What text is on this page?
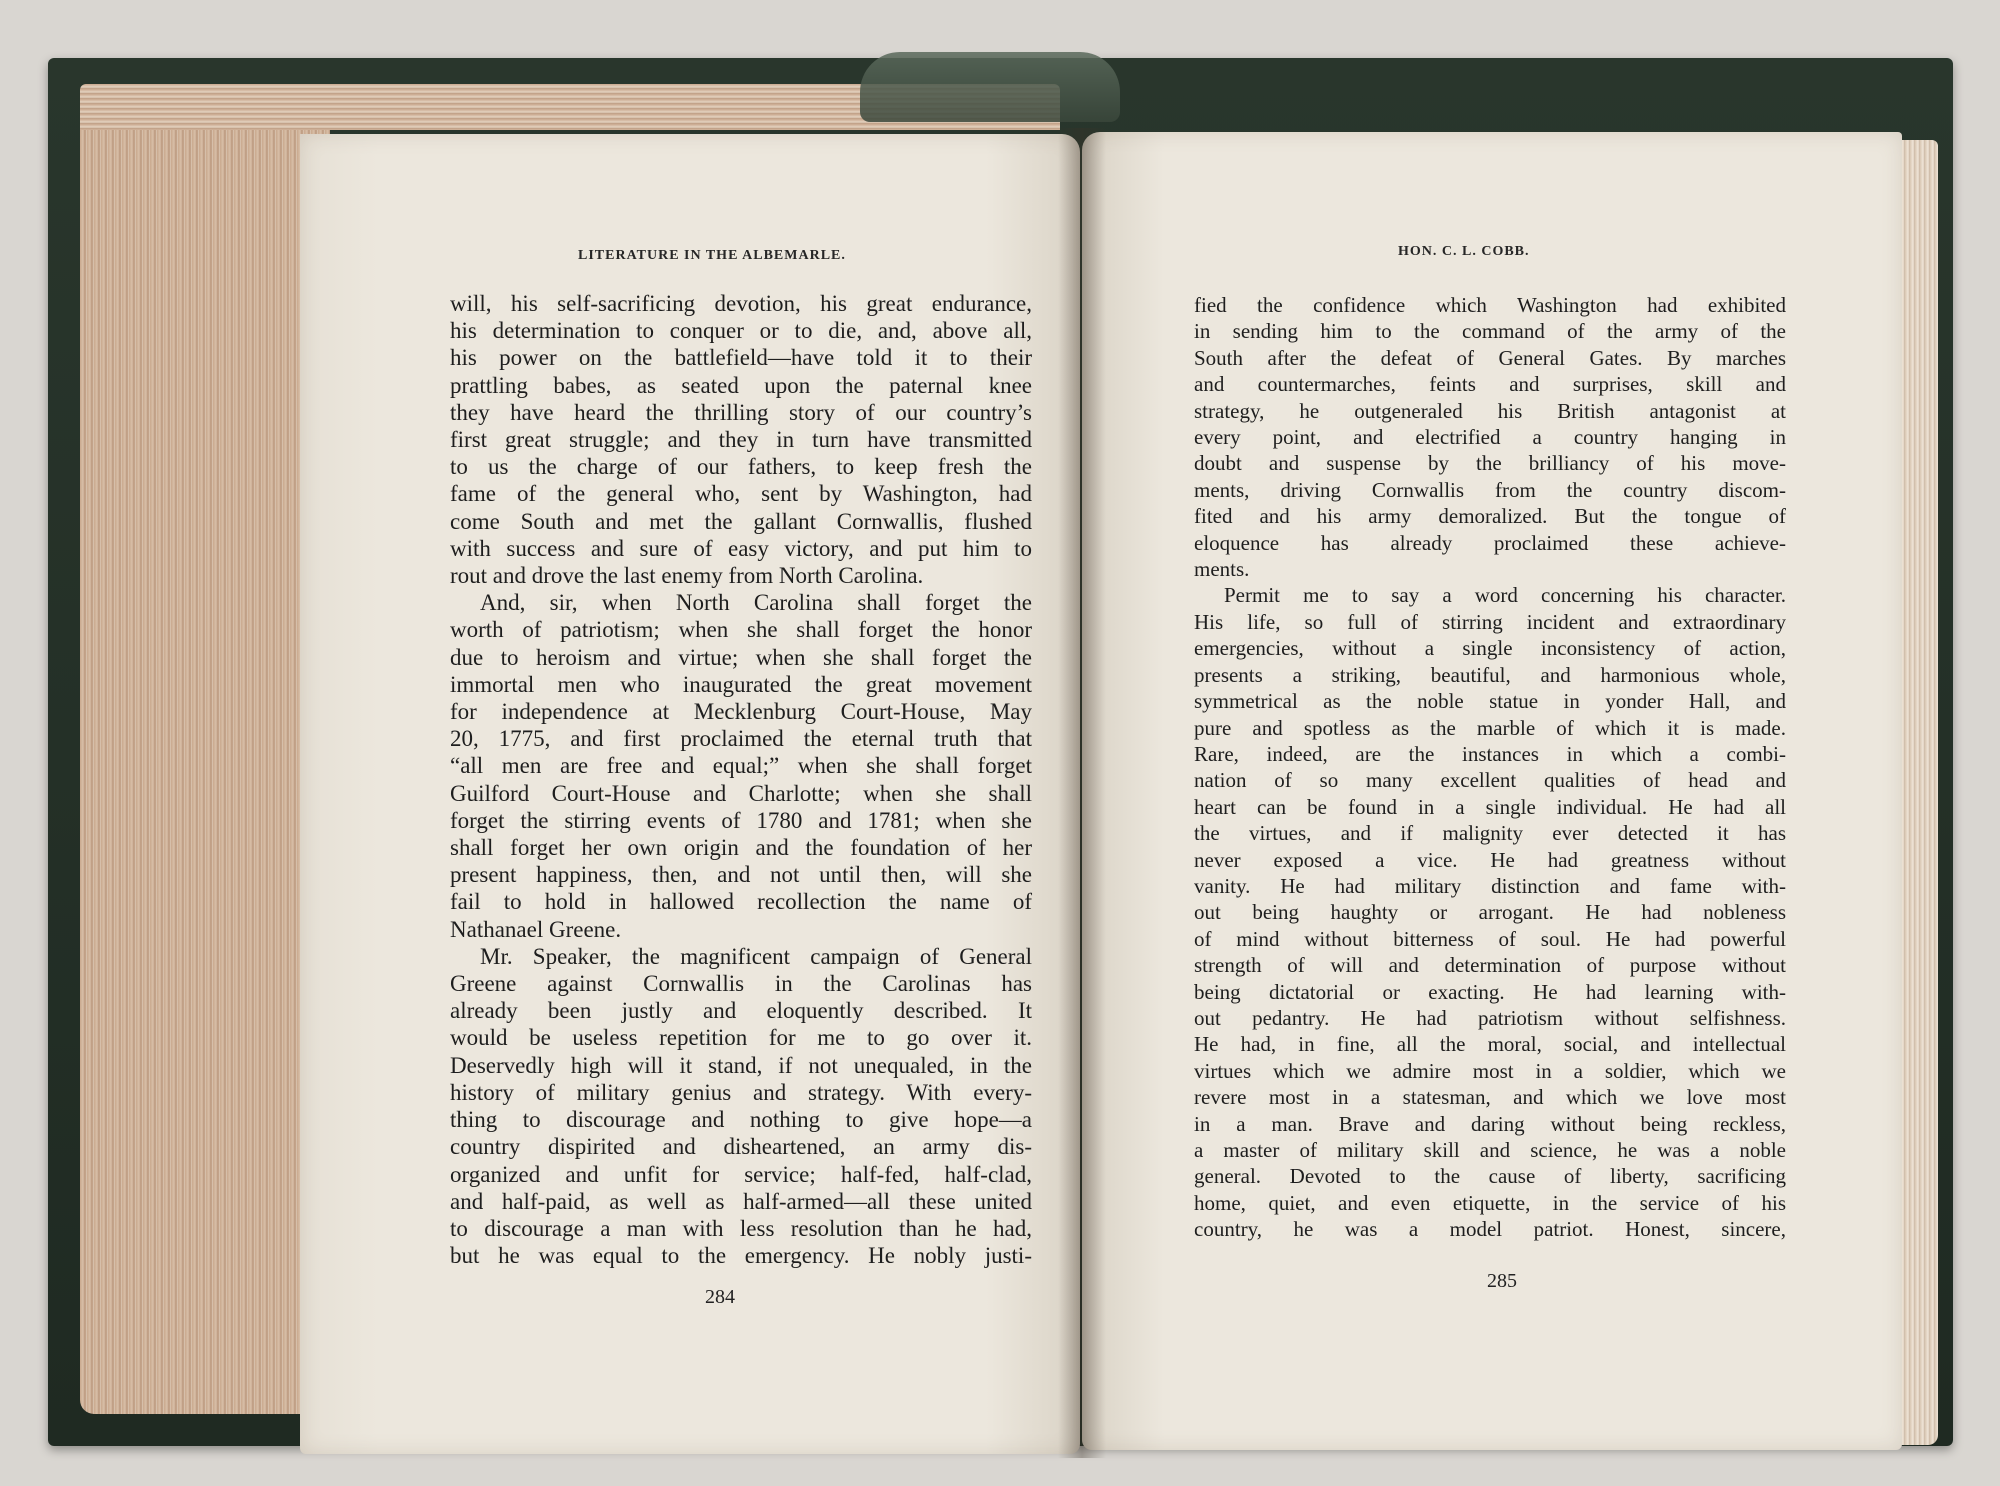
LITERATURE IN THE ALBEMARLE.
will, his self-sacrificing devotion, his great endurance,
his determination to conquer or to die, and, above all,
his power on the battlefield—have told it to their
prattling babes, as seated upon the paternal knee
they have heard the thrilling story of our country’s
first great struggle; and they in turn have transmitted
to us the charge of our fathers, to keep fresh the
fame of the general who, sent by Washington, had
come South and met the gallant Cornwallis, flushed
with success and sure of easy victory, and put him to
rout and drove the last enemy from North Carolina.
And, sir, when North Carolina shall forget the
worth of patriotism; when she shall forget the honor
due to heroism and virtue; when she shall forget the
immortal men who inaugurated the great movement
for independence at Mecklenburg Court-House, May
20, 1775, and first proclaimed the eternal truth that
“all men are free and equal;” when she shall forget
Guilford Court-House and Charlotte; when she shall
forget the stirring events of 1780 and 1781; when she
shall forget her own origin and the foundation of her
present happiness, then, and not until then, will she
fail to hold in hallowed recollection the name of
Nathanael Greene.
Mr. Speaker, the magnificent campaign of General
Greene against Cornwallis in the Carolinas has
already been justly and eloquently described. It
would be useless repetition for me to go over it.
Deservedly high will it stand, if not unequaled, in the
history of military genius and strategy. With every-
thing to discourage and nothing to give hope—a
country dispirited and disheartened, an army dis-
organized and unfit for service; half-fed, half-clad,
and half-paid, as well as half-armed—all these united
to discourage a man with less resolution than he had,
but he was equal to the emergency. He nobly justi-
284
HON. C. L. COBB.
fied the confidence which Washington had exhibited
in sending him to the command of the army of the
South after the defeat of General Gates. By marches
and countermarches, feints and surprises, skill and
strategy, he outgeneraled his British antagonist at
every point, and electrified a country hanging in
doubt and suspense by the brilliancy of his move-
ments, driving Cornwallis from the country discom-
fited and his army demoralized. But the tongue of
eloquence has already proclaimed these achieve-
ments.
Permit me to say a word concerning his character.
His life, so full of stirring incident and extraordinary
emergencies, without a single inconsistency of action,
presents a striking, beautiful, and harmonious whole,
symmetrical as the noble statue in yonder Hall, and
pure and spotless as the marble of which it is made.
Rare, indeed, are the instances in which a combi-
nation of so many excellent qualities of head and
heart can be found in a single individual. He had all
the virtues, and if malignity ever detected it has
never exposed a vice. He had greatness without
vanity. He had military distinction and fame with-
out being haughty or arrogant. He had nobleness
of mind without bitterness of soul. He had powerful
strength of will and determination of purpose without
being dictatorial or exacting. He had learning with-
out pedantry. He had patriotism without selfishness.
He had, in fine, all the moral, social, and intellectual
virtues which we admire most in a soldier, which we
revere most in a statesman, and which we love most
in a man. Brave and daring without being reckless,
a master of military skill and science, he was a noble
general. Devoted to the cause of liberty, sacrificing
home, quiet, and even etiquette, in the service of his
country, he was a model patriot. Honest, sincere,
285
